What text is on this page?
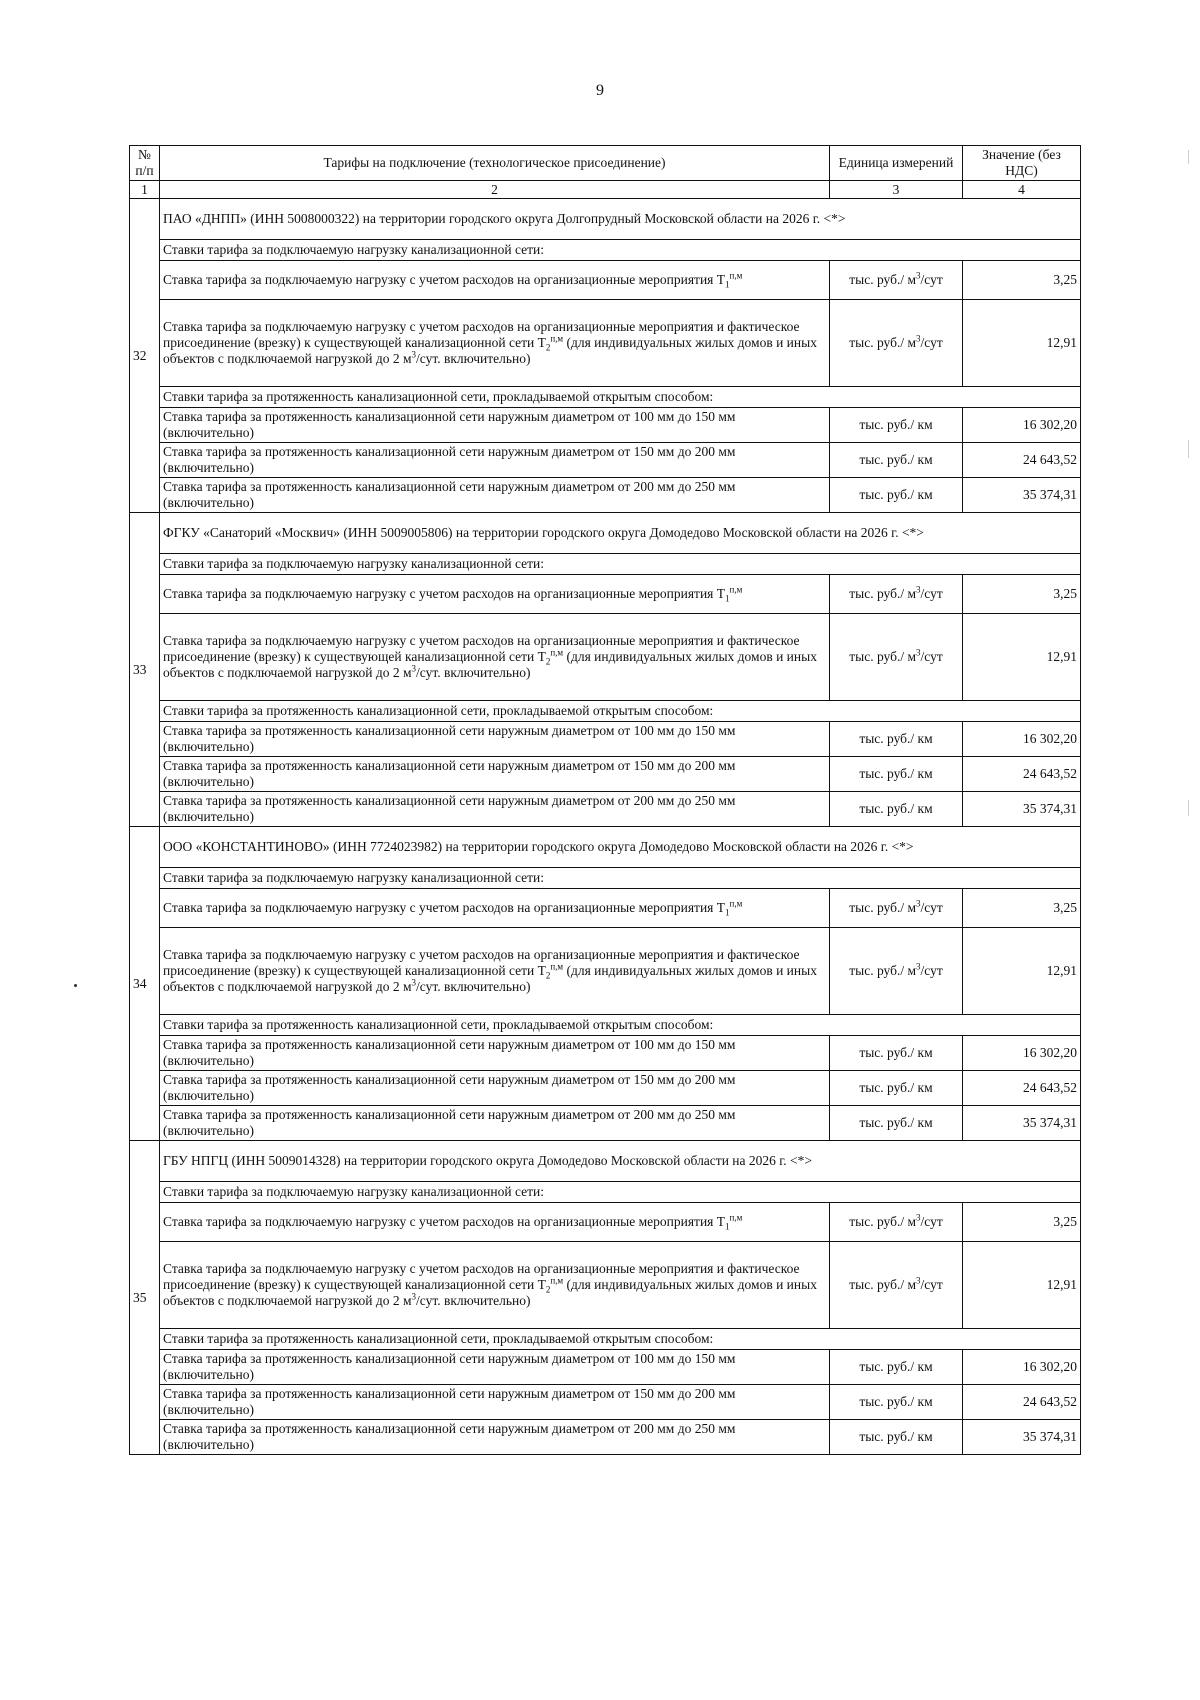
9
№ п/п	Тарифы на подключение (технологическое присоединение)	Единица измерений	Значение (без НДС)
1	2	3	4
32	ПАО «ДНПП» (ИНН 5008000322) на территории городского округа Долгопрудный Московской области на 2026 г. <*>		
	Ставки тарифа за подключаемую нагрузку канализационной сети:		
	Ставка тарифа за подключаемую нагрузку с учетом расходов на организационные мероприятия $T_1^{п,м}$	тыс. руб./ $м^3$/сут	3,25
	Ставка тарифа за подключаемую нагрузку с учетом расходов на организационные мероприятия и фактическое присоединение (врезку) к существующей канализационной сети $T_2^{п,м}$ (для индивидуальных жилых домов и иных объектов с подключаемой нагрузкой до 2 $м^3$/сут. включительно)	тыс. руб./ $м^3$/сут	12,91
	Ставки тарифа за протяженность канализационной сети, прокладываемой открытым способом:		
	Ставка тарифа за протяженность канализационной сети наружным диаметром от 100 мм до 150 мм (включительно)	тыс. руб./ км	16 302,20
	Ставка тарифа за протяженность канализационной сети наружным диаметром от 150 мм до 200 мм (включительно)	тыс. руб./ км	24 643,52
	Ставка тарифа за протяженность канализационной сети наружным диаметром от 200 мм до 250 мм (включительно)	тыс. руб./ км	35 374,31
33	ФГКУ «Санаторий «Москвич» (ИНН 5009005806) на территории городского округа Домодедово Московской области на 2026 г. <*>		
	Ставки тарифа за подключаемую нагрузку канализационной сети:		
	Ставка тарифа за подключаемую нагрузку с учетом расходов на организационные мероприятия $T_1^{п,м}$	тыс. руб./ $м^3$/сут	3,25
	Ставка тарифа за подключаемую нагрузку с учетом расходов на организационные мероприятия и фактическое присоединение (врезку) к существующей канализационной сети $T_2^{п,м}$ (для индивидуальных жилых домов и иных объектов с подключаемой нагрузкой до 2 $м^3$/сут. включительно)	тыс. руб./ $м^3$/сут	12,91
	Ставки тарифа за протяженность канализационной сети, прокладываемой открытым способом:		
	Ставка тарифа за протяженность канализационной сети наружным диаметром от 100 мм до 150 мм (включительно)	тыс. руб./ км	16 302,20
	Ставка тарифа за протяженность канализационной сети наружным диаметром от 150 мм до 200 мм (включительно)	тыс. руб./ км	24 643,52
	Ставка тарифа за протяженность канализационной сети наружным диаметром от 200 мм до 250 мм (включительно)	тыс. руб./ км	35 374,31
34	ООО «КОНСТАНТИНОВО» (ИНН 7724023982) на территории городского округа Домодедово Московской области на 2026 г. <*>		
	Ставки тарифа за подключаемую нагрузку канализационной сети:		
	Ставка тарифа за подключаемую нагрузку с учетом расходов на организационные мероприятия $T_1^{п,м}$	тыс. руб./ $м^3$/сут	3,25
	Ставка тарифа за подключаемую нагрузку с учетом расходов на организационные мероприятия и фактическое присоединение (врезку) к существующей канализационной сети $T_2^{п,м}$ (для индивидуальных жилых домов и иных объектов с подключаемой нагрузкой до 2 $м^3$/сут. включительно)	тыс. руб./ $м^3$/сут	12,91
	Ставки тарифа за протяженность канализационной сети, прокладываемой открытым способом:		
	Ставка тарифа за протяженность канализационной сети наружным диаметром от 100 мм до 150 мм (включительно)	тыс. руб./ км	16 302,20
	Ставка тарифа за протяженность канализационной сети наружным диаметром от 150 мм до 200 мм (включительно)	тыс. руб./ км	24 643,52
	Ставка тарифа за протяженность канализационной сети наружным диаметром от 200 мм до 250 мм (включительно)	тыс. руб./ км	35 374,31
35	ГБУ НПГЦ (ИНН 5009014328) на территории городского округа Домодедово Московской области на 2026 г. <*>		
	Ставки тарифа за подключаемую нагрузку канализационной сети:		
	Ставка тарифа за подключаемую нагрузку с учетом расходов на организационные мероприятия $T_1^{п,м}$	тыс. руб./ $м^3$/сут	3,25
	Ставка тарифа за подключаемую нагрузку с учетом расходов на организационные мероприятия и фактическое присоединение (врезку) к существующей канализационной сети $T_2^{п,м}$ (для индивидуальных жилых домов и иных объектов с подключаемой нагрузкой до 2 $м^3$/сут. включительно)	тыс. руб./ $м^3$/сут	12,91
	Ставки тарифа за протяженность канализационной сети, прокладываемой открытым способом:		
	Ставка тарифа за протяженность канализационной сети наружным диаметром от 100 мм до 150 мм (включительно)	тыс. руб./ км	16 302,20
	Ставка тарифа за протяженность канализационной сети наружным диаметром от 150 мм до 200 мм (включительно)	тыс. руб./ км	24 643,52
	Ставка тарифа за протяженность канализационной сети наружным диаметром от 200 мм до 250 мм (включительно)	тыс. руб./ км	35 374,31
